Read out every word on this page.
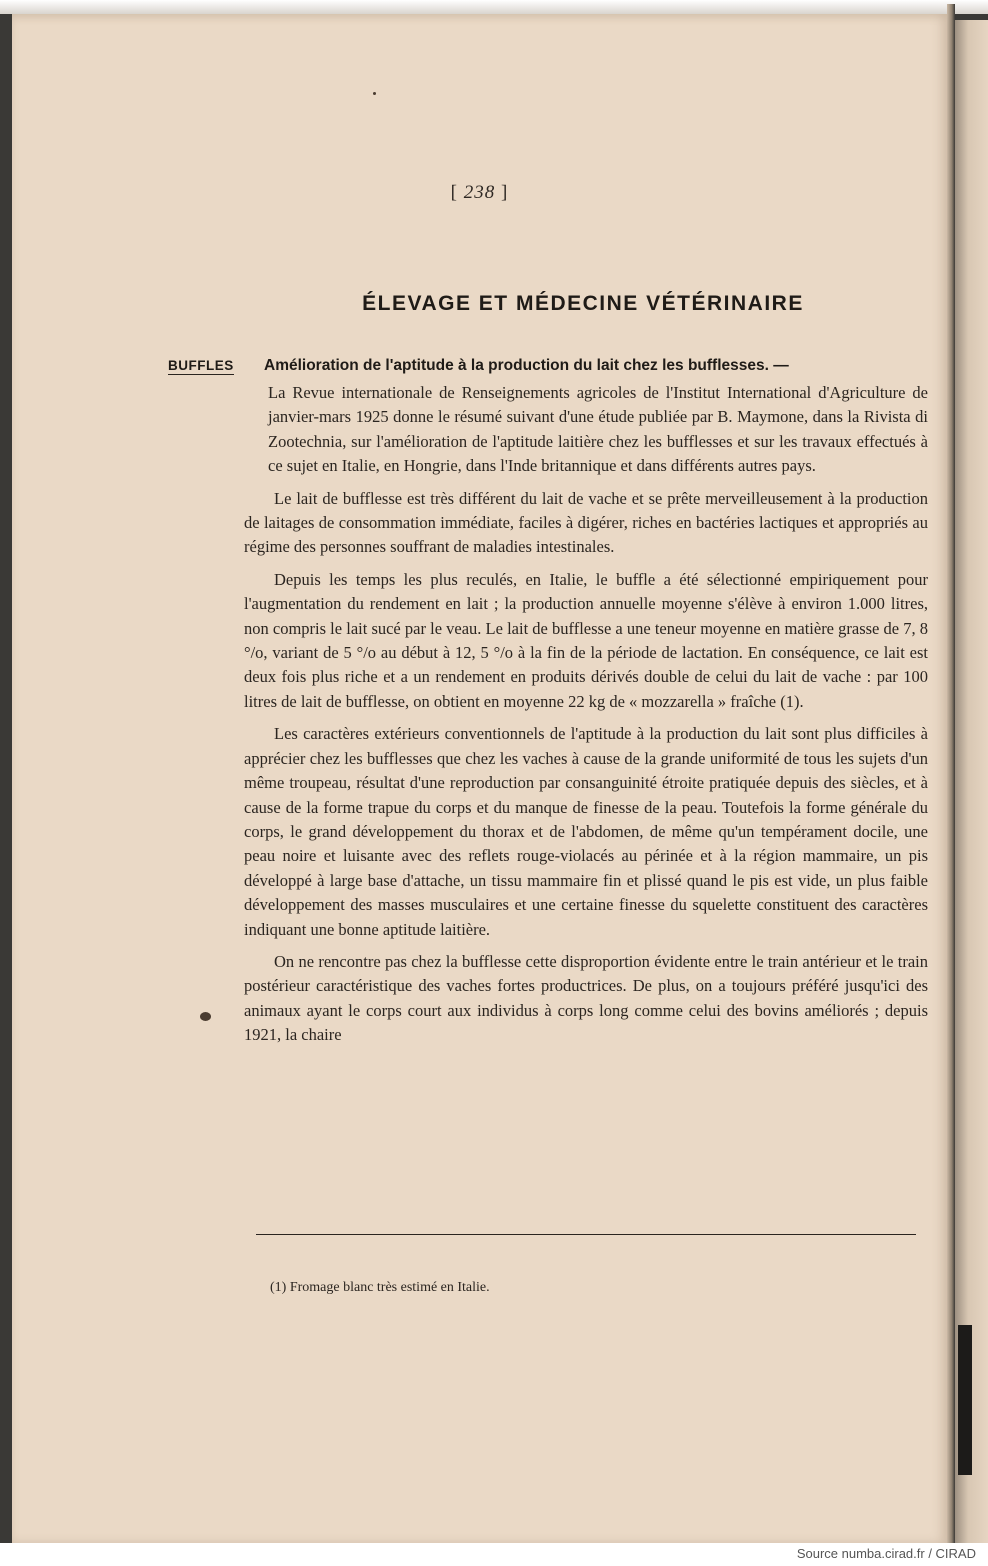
[ 238 ]
ÉLEVAGE ET MÉDECINE VÉTÉRINAIRE
BUFFLES Amélioration de l'aptitude à la production du lait chez les bufflesses. —

La Revue internationale de Renseignements agricoles de l'Institut International d'Agriculture de janvier-mars 1925 donne le résumé suivant d'une étude publiée par B. Maymone, dans la Rivista di Zootechnia, sur l'amélioration de l'aptitude laitière chez les bufflesses et sur les travaux effectués à ce sujet en Italie, en Hongrie, dans l'Inde britannique et dans différents autres pays.

Le lait de bufflesse est très différent du lait de vache et se prête merveilleusement à la production de laitages de consommation immédiate, faciles à digérer, riches en bactéries lactiques et appropriés au régime des personnes souffrant de maladies intestinales.

Depuis les temps les plus reculés, en Italie, le buffle a été sélectionné empiriquement pour l'augmentation du rendement en lait ; la production annuelle moyenne s'élève à environ 1.000 litres, non compris le lait sucé par le veau. Le lait de bufflesse a une teneur moyenne en matière grasse de 7, 8 °/o, variant de 5 °/o au début à 12, 5 °/o à la fin de la période de lactation. En conséquence, ce lait est deux fois plus riche et a un rendement en produits dérivés double de celui du lait de vache : par 100 litres de lait de bufflesse, on obtient en moyenne 22 kg de « mozzarella » fraîche (1).

Les caractères extérieurs conventionnels de l'aptitude à la production du lait sont plus difficiles à apprécier chez les bufflesses que chez les vaches à cause de la grande uniformité de tous les sujets d'un même troupeau, résultat d'une reproduction par consanguinité étroite pratiquée depuis des siècles, et à cause de la forme trapue du corps et du manque de finesse de la peau. Toutefois la forme générale du corps, le grand développement du thorax et de l'abdomen, de même qu'un tempérament docile, une peau noire et luisante avec des reflets rouge-violacés au périnée et à la région mammaire, un pis développé à large base d'attache, un tissu mammaire fin et plissé quand le pis est vide, un plus faible développement des masses musculaires et une certaine finesse du squelette constituent des caractères indiquant une bonne aptitude laitière.

On ne rencontre pas chez la bufflesse cette disproportion évidente entre le train antérieur et le train postérieur caractéristique des vaches fortes productrices. De plus, on a toujours préféré jusqu'ici des animaux ayant le corps court aux individus à corps long comme celui des bovins améliorés ; depuis 1921, la chaire

(1) Fromage blanc très estimé en Italie.
Source numba.cirad.fr / CIRAD
